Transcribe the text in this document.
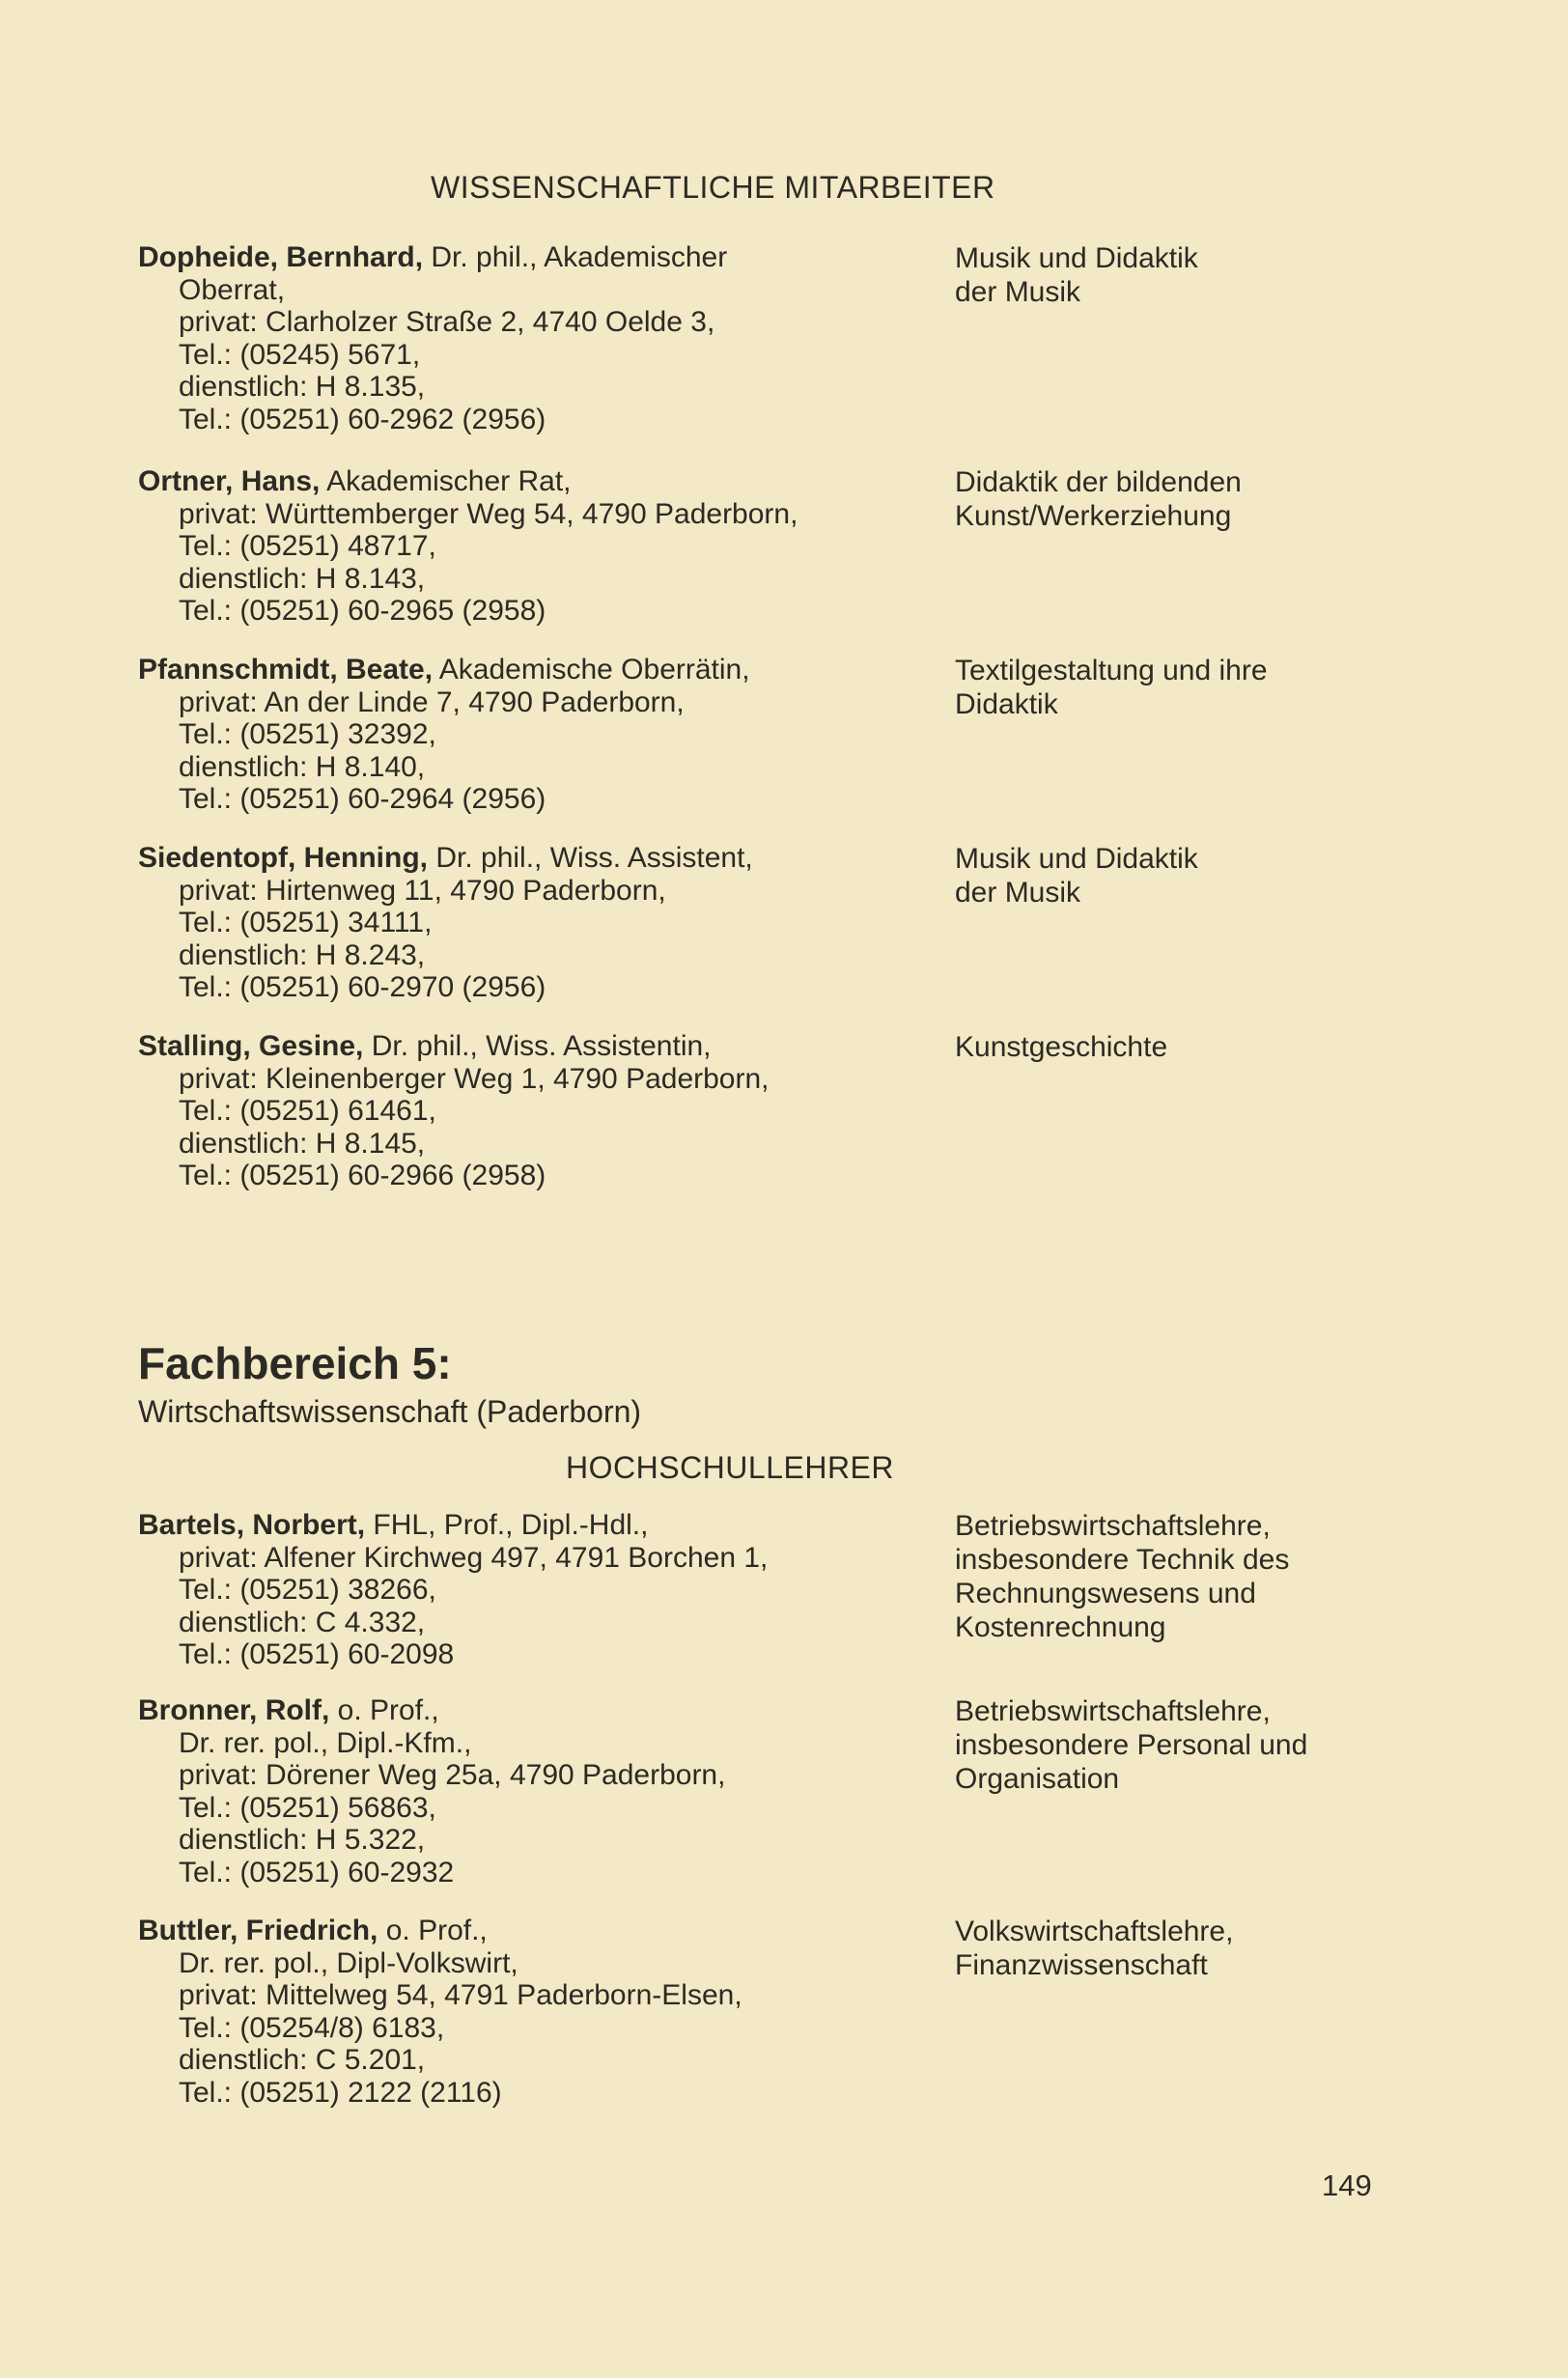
WISSENSCHAFTLICHE MITARBEITER
Dopheide, Bernhard, Dr. phil., Akademischer
Oberrat,
privat: Clarholzer Straße 2, 4740 Oelde 3,
Tel.: (05245) 5671,
dienstlich: H 8.135,
Tel.: (05251) 60-2962 (2956)
Musik und Didaktik
der Musik
Ortner, Hans, Akademischer Rat,
privat: Württemberger Weg 54, 4790 Paderborn,
Tel.: (05251) 48717,
dienstlich: H 8.143,
Tel.: (05251) 60-2965 (2958)
Didaktik der bildenden
Kunst/Werkerziehung
Pfannschmidt, Beate, Akademische Oberrätin,
privat: An der Linde 7, 4790 Paderborn,
Tel.: (05251) 32392,
dienstlich: H 8.140,
Tel.: (05251) 60-2964 (2956)
Textilgestaltung und ihre
Didaktik
Siedentopf, Henning, Dr. phil., Wiss. Assistent,
privat: Hirtenweg 11, 4790 Paderborn,
Tel.: (05251) 34111,
dienstlich: H 8.243,
Tel.: (05251) 60-2970 (2956)
Musik und Didaktik
der Musik
Stalling, Gesine, Dr. phil., Wiss. Assistentin,
privat: Kleinenberger Weg 1, 4790 Paderborn,
Tel.: (05251) 61461,
dienstlich: H 8.145,
Tel.: (05251) 60-2966 (2958)
Kunstgeschichte
Fachbereich 5:
Wirtschaftswissenschaft (Paderborn)
HOCHSCHULLEHRER
Bartels, Norbert, FHL, Prof., Dipl.-Hdl.,
privat: Alfener Kirchweg 497, 4791 Borchen 1,
Tel.: (05251) 38266,
dienstlich: C 4.332,
Tel.: (05251) 60-2098
Betriebswirtschaftslehre,
insbesondere Technik des
Rechnungswesens und
Kostenrechnung
Bronner, Rolf, o. Prof.,
Dr. rer. pol., Dipl.-Kfm.,
privat: Dörener Weg 25a, 4790 Paderborn,
Tel.: (05251) 56863,
dienstlich: H 5.322,
Tel.: (05251) 60-2932
Betriebswirtschaftslehre,
insbesondere Personal und
Organisation
Buttler, Friedrich, o. Prof.,
Dr. rer. pol., Dipl-Volkswirt,
privat: Mittelweg 54, 4791 Paderborn-Elsen,
Tel.: (05254/8) 6183,
dienstlich: C 5.201,
Tel.: (05251) 2122 (2116)
Volkswirtschaftslehre,
Finanzwissenschaft
149
